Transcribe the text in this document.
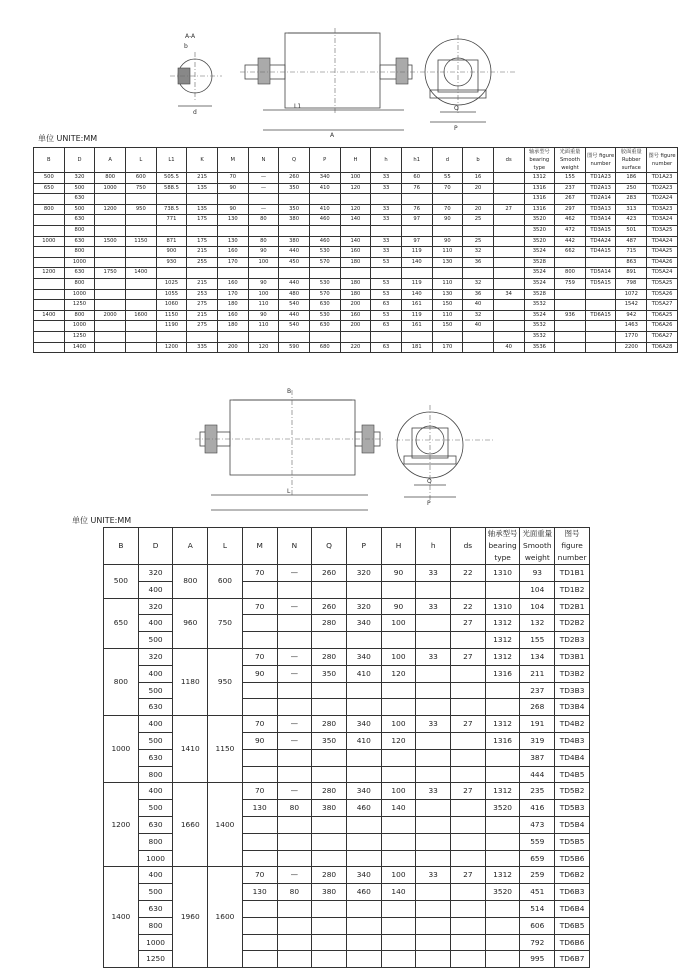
A-A
d
b
L1
A
Q
P
B
L
Q
P
单位 UNITE:MM
B	D	A	L	L1	K	M	N	Q	P	H	h	h1	d	b	ds	轴承型号 bearing type	光面重量 Smooth weight	图号 figure number	胶面重量 Rubber surface	图号 figure number
500	320	800	600	505.5	215	70	—	260	340	100	33	60	55	16		1312	155	TD1A23	186	TD1A23
650	500	1000	750	588.5	135	90	—	350	410	120	33	76	70	20		1316	237	TD2A13	250	TD2A23
	630															1316	267	TD2A14	283	TD2A24
800	500	1200	950	738.5	135	90	—	350	410	120	33	76	70	20	27	1316	297	TD3A13	313	TD3A23
	630			771	175	130	80	380	460	140	33	97	90	25		3520	462	TD3A14	423	TD3A24
	800															3520	472	TD3A15	501	TD3A25
1000	630	1500	1150	871	175	130	80	380	460	140	33	97	90	25		3520	442	TD4A24	487	TD4A24
	800			900	215	160	90	440	530	160	33	119	110	32		3524	662	TD4A15	715	TD4A25
	1000			930	255	170	100	450	570	180	53	140	130	36		3528			863	TD4A26
1200	630	1750	1400													3524	800	TD5A14	891	TD5A24
	800			1025	215	160	90	440	530	180	53	119	110	32		3524	759	TD5A15	798	TD5A25
	1000			1055	253	170	100	480	570	180	53	140	130	36	34	3528			1072	TD5A26
	1250			1060	275	180	110	540	630	200	63	161	150	40		3532			1542	TD5A27
1400	800	2000	1600	1150	215	160	90	440	530	160	53	119	110	32		3524	936	TD6A15	942	TD6A25
	1000			1190	275	180	110	540	630	200	63	161	150	40		3532			1463	TD6A26
	1250															3532			1770	TD6A27
	1400			1200	335	200	120	590	680	220	63	181	170		40	3536			2200	TD6A28
单位 UNITE:MM
B	D	A	L	M	N	Q	P	H	h	ds	轴承型号 bearing type	光面重量 Smooth weight	图号 figure number
500	320	800	600	70	—	260	320	90	33	22	1310	93	TD1B1
	400											104	TD1B2
650	320	960	750	70	—	260	320	90	33	22	1310	104	TD2B1
	400					280	340	100		27	1312	132	TD2B2
	500										1312	155	TD2B3
800	320	1180	950	70	—	280	340	100	33	27	1312	134	TD3B1
	400			90	—	350	410	120			1316	211	TD3B2
	500											237	TD3B3
	630											268	TD3B4
1000	400	1410	1150	70	—	280	340	100	33	27	1312	191	TD4B2
	500			90	—	350	410	120			1316	319	TD4B3
	630											387	TD4B4
	800											444	TD4B5
1200	400	1660	1400	70	—	280	340	100	33	27	1312	235	TD5B2
	500			130	80	380	460	140			3520	416	TD5B3
	630											473	TD5B4
	800											559	TD5B5
	1000											659	TD5B6
1400	400	1960	1600	70	—	280	340	100	33	27	1312	259	TD6B2
	500			130	80	380	460	140			3520	451	TD6B3
	630											514	TD6B4
	800											606	TD6B5
	1000											792	TD6B6
	1250											995	TD6B7
